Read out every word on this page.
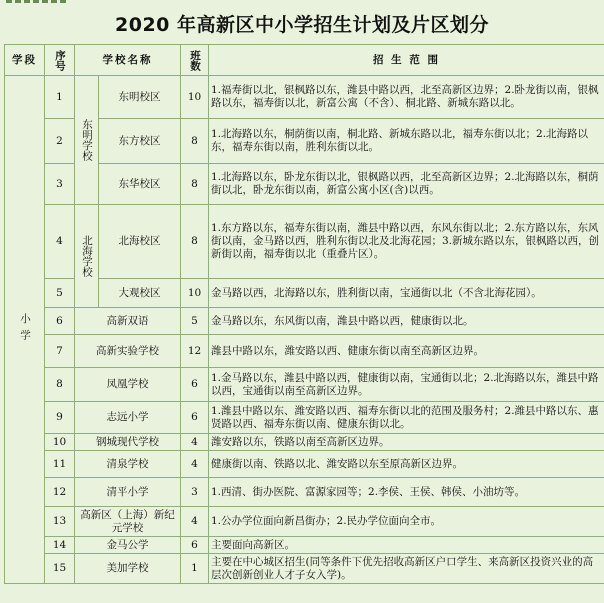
2020 年高新区中小学招生计划及片区划分
学段	序号	学校名称		班数	招 生 范 围

小学	1	东明学校	东明校区	10	1.福寿街以北，银枫路以东，潍县中路以西，北至高新区边界；2.卧龙街以南，银枫路以东，福寿街以北，新富公寓（不含）、桐北路、新城东路以北。
	2		东方校区	8	1.北海路以东，桐荫街以南，桐北路、新城东路以北，福寿东街以北；2.北海路以东，福寿东街以南，胜利东街以北。
	3		东华校区	8	1.北海路以东，卧龙东街以北，银枫路以西，北至高新区边界；2.北海路以东，桐荫街以北，卧龙东街以南，新富公寓小区(含)以西。
	4	北海学校	北海校区	8	1.东方路以东，福寿东街以南，潍县中路以西，东风东街以北；2.东方路以东，东风街以南，金马路以西，胜利东街以北及北海花园；3.新城东路以东，银枫路以西，创新街以南，福寿街以北（重叠片区）。
	5		大观校区	10	金马路以西，北海路以东，胜利街以南，宝通街以北（不含北海花园）。
	6	高新双语		5	金马路以东，东风街以南，潍县中路以西，健康街以北。
	7	高新实验学校		12	潍县中路以东，潍安路以西、健康东街以南至高新区边界。
	8	凤凰学校		6	1.金马路以东，潍县中路以西，健康街以南，宝通街以北；2.北海路以东，潍县中路以西，宝通街以南至高新区边界。
	9	志远小学		6	1.潍县中路以东、潍安路以西、福寿东街以北的范围及服务村；2.潍县中路以东、惠贤路以西、福寿东街以南、健康东街以北。
	10	钢城现代学校		4	潍安路以东，铁路以南至高新区边界。
	11	清泉学校		4	健康街以南、铁路以北、潍安路以东至原高新区边界。
	12	清平小学		3	1.西清、街办医院、富源家园等；2.李侯、王侯、韩侯、小油坊等。
	13	高新区（上海）新纪元学校		4	1.公办学位面向新昌街办；2.民办学位面向全市。
	14	金马公学		6	主要面向高新区。
	15	美加学校		1	主要在中心城区招生(同等条件下优先招收高新区户口学生、来高新区投资兴业的高层次创新创业人才子女入学)。
